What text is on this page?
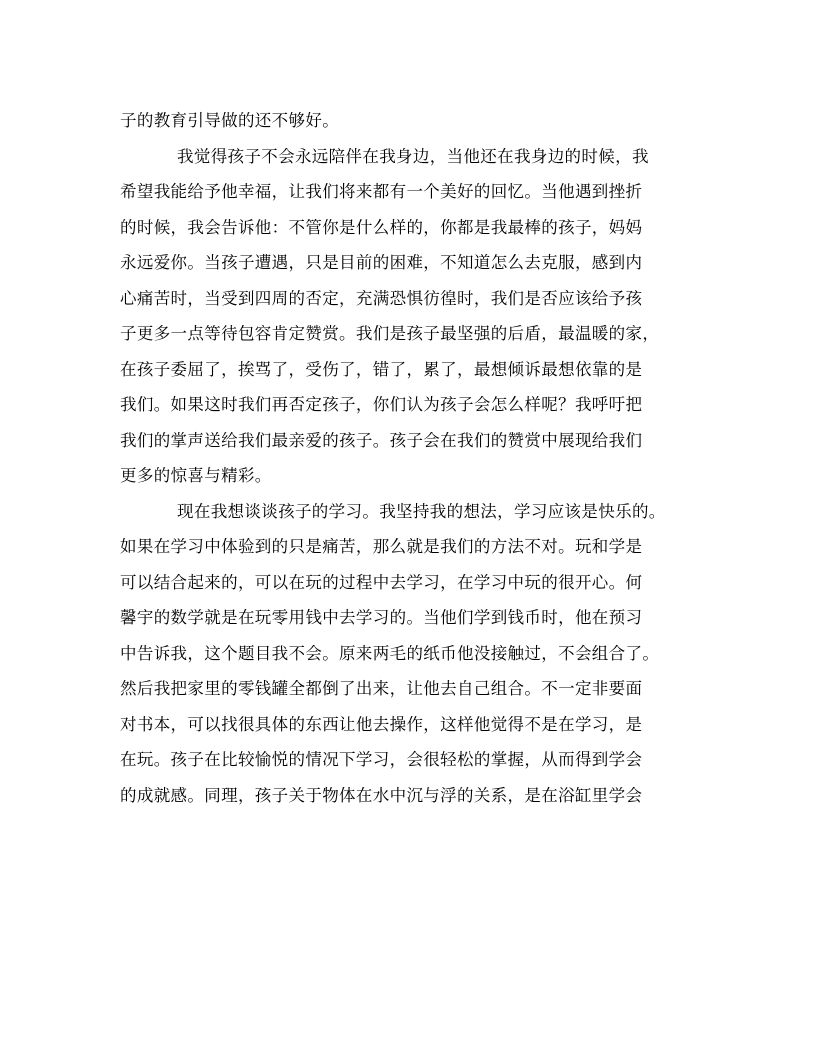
子的教育引导做的还不够好。
我觉得孩子不会永远陪伴在我身边，当他还在我身边的时候，我
希望我能给予他幸福，让我们将来都有一个美好的回忆。当他遇到挫折
的时候，我会告诉他：不管你是什么样的，你都是我最棒的孩子，妈妈
永远爱你。当孩子遭遇，只是目前的困难，不知道怎么去克服，感到内
心痛苦时，当受到四周的否定，充满恐惧彷徨时，我们是否应该给予孩
子更多一点等待包容肯定赞赏。我们是孩子最坚强的后盾，最温暖的家，
在孩子委屈了，挨骂了，受伤了，错了，累了，最想倾诉最想依靠的是
我们。如果这时我们再否定孩子，你们认为孩子会怎么样呢？我呼吁把
我们的掌声送给我们最亲爱的孩子。孩子会在我们的赞赏中展现给我们
更多的惊喜与精彩。
现在我想谈谈孩子的学习。我坚持我的想法，学习应该是快乐的。
如果在学习中体验到的只是痛苦，那么就是我们的方法不对。玩和学是
可以结合起来的，可以在玩的过程中去学习，在学习中玩的很开心。何
馨宇的数学就是在玩零用钱中去学习的。当他们学到钱币时，他在预习
中告诉我，这个题目我不会。原来两毛的纸币他没接触过，不会组合了。
然后我把家里的零钱罐全都倒了出来，让他去自己组合。不一定非要面
对书本，可以找很具体的东西让他去操作，这样他觉得不是在学习，是
在玩。孩子在比较愉悦的情况下学习，会很轻松的掌握，从而得到学会
的成就感。同理，孩子关于物体在水中沉与浮的关系，是在浴缸里学会
